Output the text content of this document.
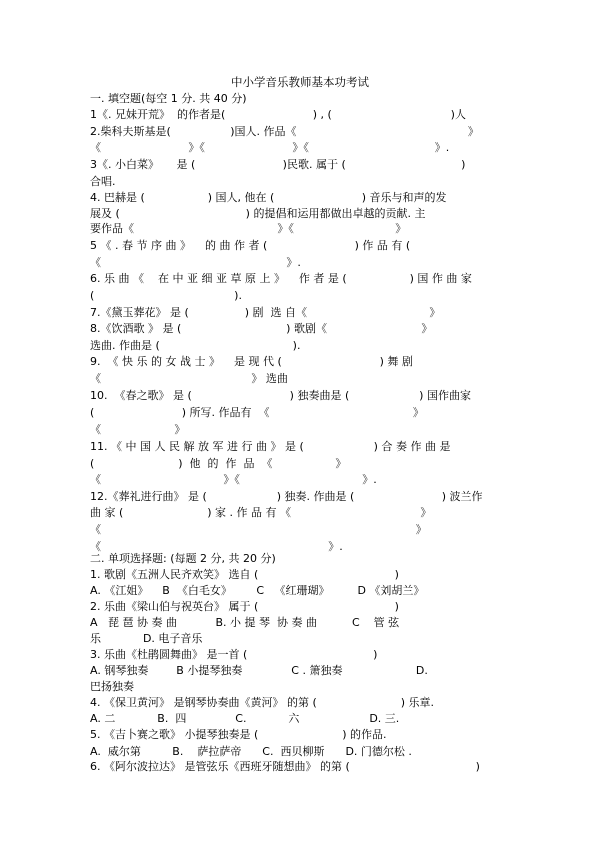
中小学音乐教师基本功考试
一. 填空题(每空 1 分. 共 40 分)
1《. 兄妹开荒》  的作者是(                         ) , (                                  )人
2.柴科夫斯基是(                 )国人. 作品《                                                 》
《                         》《                         》《                                    》.
3《. 小白菜》     是 (                         )民歌. 属于 (                                 )
合唱.
4. 巴赫是 (                  ) 国人, 他在 (                         ) 音乐与和声的发
展及 (                                    ) 的提倡和运用都做出卓越的贡献. 主
要作品《                                         》《                             》
5 《 . 春 节 序 曲 》    的 曲 作 者 (                         ) 作 品 有 (
《                                                     》.
6. 乐 曲 《    在 中 亚 细 亚 草 原 上 》    作 者 是 (                  ) 国 作 曲 家
(                                        ).
7.《黛玉葬花》 是 (                ) 剧  选 自《                                   》
8.《饮酒歌 》 是 (                              ) 歌剧《                           》
选曲. 作曲是 (                                      ).
9.  《 快 乐 的 女 战 士 》    是 现 代 (                            ) 舞 剧
《                                           》 选曲
10.  《春之歌》 是 (                            ) 独奏曲是 (                    ) 国作曲家
(                         ) 所写. 作品有  《                                         》
《                     》
11. 《 中 国 人 民 解 放 军 进 行 曲 》 是 (                    ) 合 奏 作 曲 是
(                        )  他  的  作  品  《                  》
《                                   》《                                   》.
12.《葬礼进行曲》 是 (                    ) 独奏. 作曲是 (                         ) 波兰作
曲 家 (                        ) 家 . 作 品 有 《                                     》
《                                                                                          》
《                                                                 》.
二. 单项选择题: (每题 2 分, 共 20 分)
1. 歌剧《五洲人民齐欢笑》 选自 (                                       )
A. 《江姐》    B  《白毛女》       C   《红珊瑚》        D 《刘胡兰》
2. 乐曲《梁山伯与祝英台》 属于 (                                       )
A   琵 琶 协 奏 曲           B. 小 提 琴  协 奏 曲          C    管 弦
乐            D. 电子音乐
3. 乐曲《杜鹃圆舞曲》 是一首 (                                    )
A. 钢琴独奏        B 小提琴独奏              C . 箫独奏                     D.
巴扬独奏
4. 《保卫黄河》 是钢琴协奏曲《黄河》 的第 (                        ) 乐章.
A. 二            B.  四              C.            六                    D. 三.
5. 《吉卜赛之歌》 小提琴独奏是 (                        ) 的作品.
A.  威尔第         B.    萨拉萨帝      C.  西贝柳斯      D. 门德尔松 .
6. 《阿尔波拉达》 是管弦乐《西班牙随想曲》 的第 (                                    )
